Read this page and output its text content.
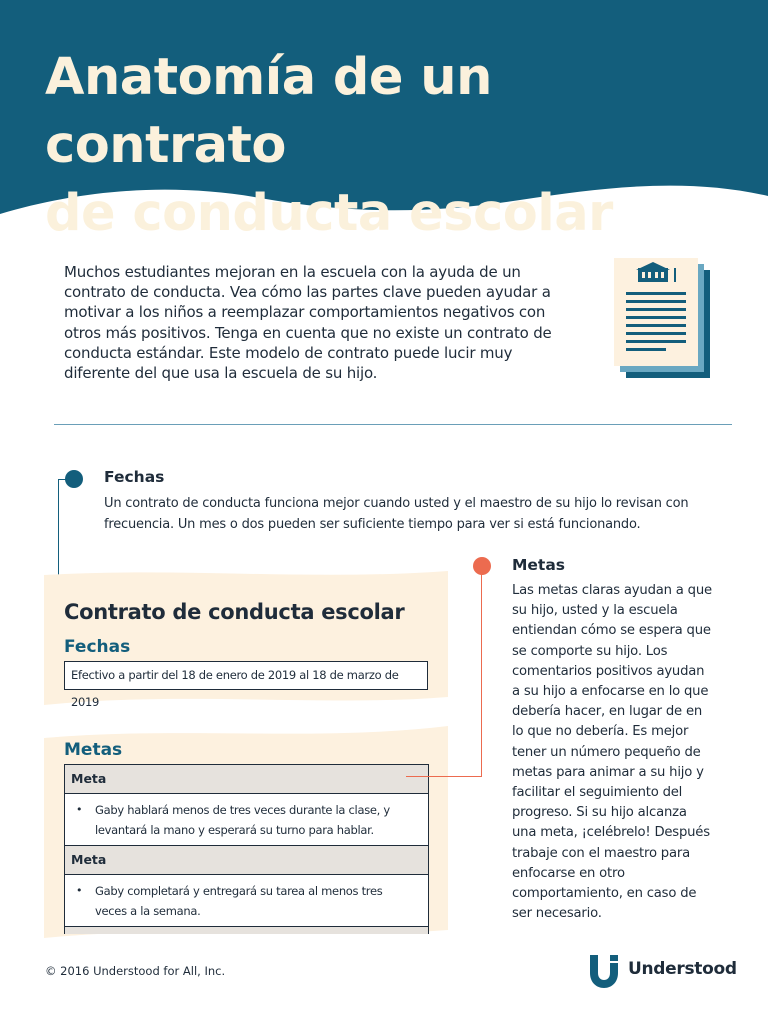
Anatomía de un contrato
de conducta escolar
Muchos estudiantes mejoran en la escuela con la ayuda de un contrato de conducta. Vea cómo las partes clave pueden ayudar a motivar a los niños a reemplazar comportamientos negativos con otros más positivos. Tenga en cuenta que no existe un contrato de conducta estándar. Este modelo de contrato puede lucir muy diferente del que usa la escuela de su hijo.
Fechas
Un contrato de conducta funciona mejor cuando usted y el maestro de su hijo lo revisan con frecuencia. Un mes o dos pueden ser suficiente tiempo para ver si está funcionando.
Contrato de conducta escolar
Fechas
Efectivo a partir del 18 de enero de 2019 al 18 de marzo de 2019
Metas
Meta
• Gaby hablará menos de tres veces durante la clase, y levantará la mano y esperará su turno para hablar.
Meta
• Gaby completará y entregará su tarea al menos tres veces a la semana.
Metas
Las metas claras ayudan a que su hijo, usted y la escuela entiendan cómo se espera que se comporte su hijo. Los comentarios positivos ayudan a su hijo a enfocarse en lo que debería hacer, en lugar de en lo que no debería. Es mejor tener un número pequeño de metas para animar a su hijo y facilitar el seguimiento del progreso. Si su hijo alcanza una meta, ¡celébrelo! Después trabaje con el maestro para enfocarse en otro comportamiento, en caso de ser necesario.
© 2016 Understood for All, Inc.	Understood
